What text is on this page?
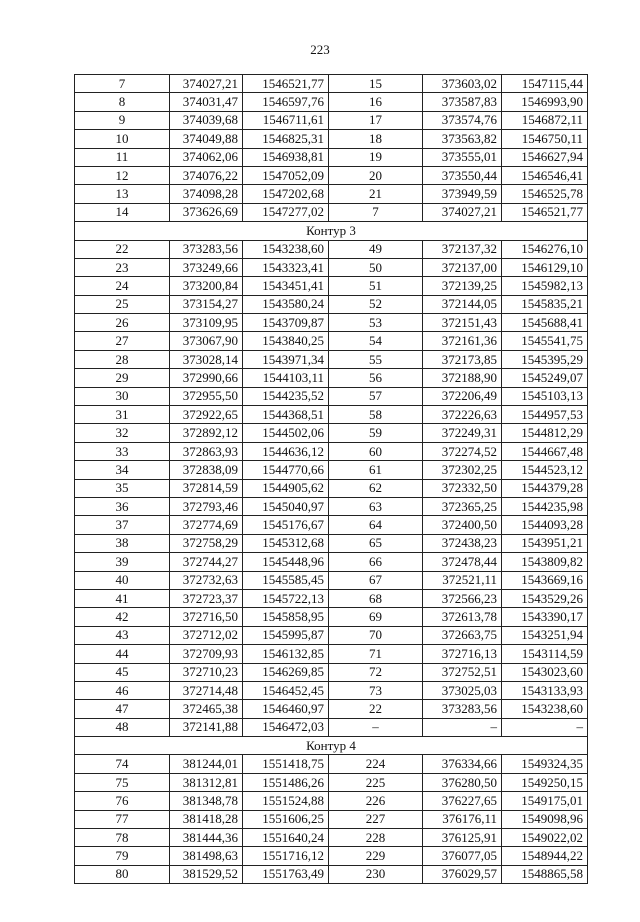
223
7	374027,21	1546521,77	15	373603,02	1547115,44
8	374031,47	1546597,76	16	373587,83	1546993,90
9	374039,68	1546711,61	17	373574,76	1546872,11
10	374049,88	1546825,31	18	373563,82	1546750,11
11	374062,06	1546938,81	19	373555,01	1546627,94
12	374076,22	1547052,09	20	373550,44	1546546,41
13	374098,28	1547202,68	21	373949,59	1546525,78
14	373626,69	1547277,02	7	374027,21	1546521,77
Контур 3					
22	373283,56	1543238,60	49	372137,32	1546276,10
23	373249,66	1543323,41	50	372137,00	1546129,10
24	373200,84	1543451,41	51	372139,25	1545982,13
25	373154,27	1543580,24	52	372144,05	1545835,21
26	373109,95	1543709,87	53	372151,43	1545688,41
27	373067,90	1543840,25	54	372161,36	1545541,75
28	373028,14	1543971,34	55	372173,85	1545395,29
29	372990,66	1544103,11	56	372188,90	1545249,07
30	372955,50	1544235,52	57	372206,49	1545103,13
31	372922,65	1544368,51	58	372226,63	1544957,53
32	372892,12	1544502,06	59	372249,31	1544812,29
33	372863,93	1544636,12	60	372274,52	1544667,48
34	372838,09	1544770,66	61	372302,25	1544523,12
35	372814,59	1544905,62	62	372332,50	1544379,28
36	372793,46	1545040,97	63	372365,25	1544235,98
37	372774,69	1545176,67	64	372400,50	1544093,28
38	372758,29	1545312,68	65	372438,23	1543951,21
39	372744,27	1545448,96	66	372478,44	1543809,82
40	372732,63	1545585,45	67	372521,11	1543669,16
41	372723,37	1545722,13	68	372566,23	1543529,26
42	372716,50	1545858,95	69	372613,78	1543390,17
43	372712,02	1545995,87	70	372663,75	1543251,94
44	372709,93	1546132,85	71	372716,13	1543114,59
45	372710,23	1546269,85	72	372752,51	1543023,60
46	372714,48	1546452,45	73	373025,03	1543133,93
47	372465,38	1546460,97	22	373283,56	1543238,60
48	372141,88	1546472,03	–	–	–
Контур 4					
74	381244,01	1551418,75	224	376334,66	1549324,35
75	381312,81	1551486,26	225	376280,50	1549250,15
76	381348,78	1551524,88	226	376227,65	1549175,01
77	381418,28	1551606,25	227	376176,11	1549098,96
78	381444,36	1551640,24	228	376125,91	1549022,02
79	381498,63	1551716,12	229	376077,05	1548944,22
80	381529,52	1551763,49	230	376029,57	1548865,58
